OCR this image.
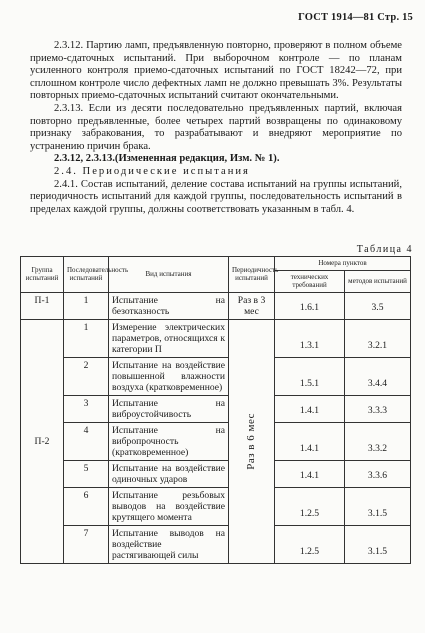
ГОСТ 1914—81 Стр. 15

2.3.12. Партию ламп, предъявленную повторно, проверяют в полном объеме приемо-сдаточных испытаний. При выборочном контроле — по планам усиленного контроля приемо-сдаточных испытаний по ГОСТ 18242—72, при сплошном контроле число дефектных ламп не должно превышать 3%. Результаты повторных приемо-сдаточных испытаний считают окончательными.

2.3.13. Если из десяти последовательно предъявленных партий, включая повторно предъявленные, более четырех партий возвращены по одинаковому признаку забракования, то разрабатывают и внедряют мероприятие по устранению причин брака.

2.3.12, 2.3.13.(Измененная редакция, Изм. № 1).

2.4. Периодические испытания

2.4.1. Состав испытаний, деление состава испытаний на группы испытаний, периодичность испытаний для каждой группы, последовательность испытаний в пределах каждой группы, должны соответствовать указанным в табл. 4.

Таблица 4
Группа испытаний	Последовательность испытаний	Вид испытания	Периодичность испытаний	Номера пунктов	
				технических требований	методов испытаний
П-1	1	Испытание на безотказность	Раз в 3 мес	1.6.1	3.5
П-2	1	Измерение электрических параметров, относящихся к категории П	Раз в 6 мес	1.3.1	3.2.1
	2	Испытание на воздействие повышенной влажности воздуха (кратковременное)		1.5.1	3.4.4
	3	Испытание на виброустойчивость		1.4.1	3.3.3
	4	Испытание на вибропрочность (кратковременное)		1.4.1	3.3.2
	5	Испытание на воздействие одиночных ударов		1.4.1	3.3.6
	6	Испытание резьбовых выводов на воздействие крутящего момента		1.2.5	3.1.5
	7	Испытание выводов на воздействие растягивающей силы		1.2.5	3.1.5
